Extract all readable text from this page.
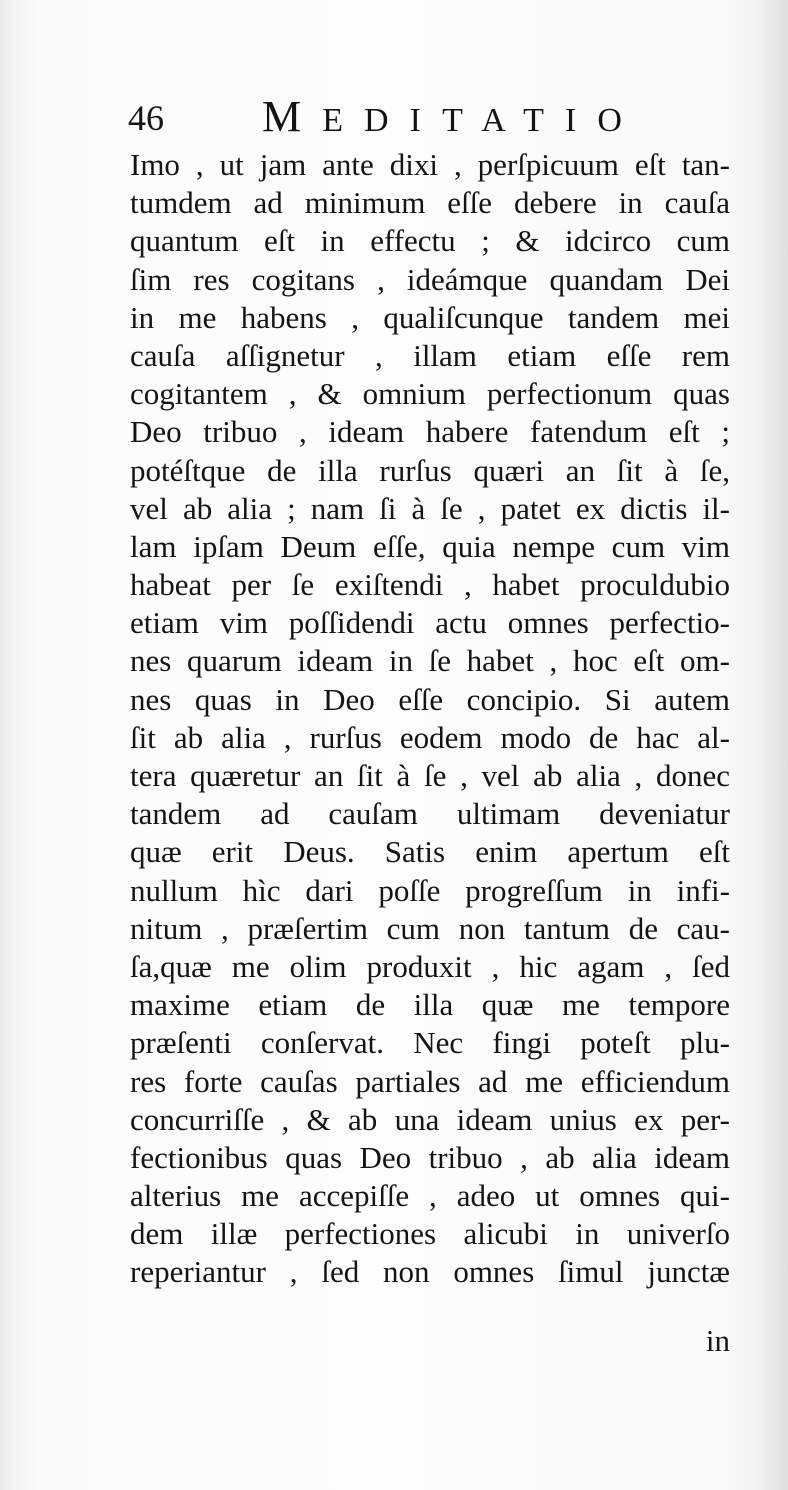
46	MEDITATIO
Imo , ut jam ante dixi , perſpicuum eſt tan-
tumdem ad minimum eſſe debere in cauſa
quantum eſt in effectu ; & idcirco cum
ſim res cogitans , ideámque quandam Dei
in me habens , qualiſcunque tandem mei
cauſa aſſignetur , illam etiam eſſe rem
cogitantem , & omnium perfectionum quas
Deo tribuo , ideam habere fatendum eſt ;
potéſtque de illa rurſus quæri an ſit à ſe,
vel ab alia ; nam ſi à ſe , patet ex dictis il-
lam ipſam Deum eſſe, quia nempe cum vim
habeat per ſe exiſtendi , habet proculdubio
etiam vim poſſidendi actu omnes perfectio-
nes quarum ideam in ſe habet , hoc eſt om-
nes quas in Deo eſſe concipio. Si autem
ſit ab alia , rurſus eodem modo de hac al-
tera quæretur an ſit à ſe , vel ab alia , donec
tandem ad cauſam ultimam deveniatur
quæ erit Deus. Satis enim apertum eſt
nullum hìc dari poſſe progreſſum in infi-
nitum , præſertim cum non tantum de cau-
ſa,quæ me olim produxit , hic agam , ſed
maxime etiam de illa quæ me tempore
præſenti conſervat. Nec fingi poteſt plu-
res forte cauſas partiales ad me efficiendum
concurriſſe , & ab una ideam unius ex per-
fectionibus quas Deo tribuo , ab alia ideam
alterius me accepiſſe , adeo ut omnes qui-
dem illæ perfectiones alicubi in univerſo
reperiantur , ſed non omnes ſimul junctæ
in
